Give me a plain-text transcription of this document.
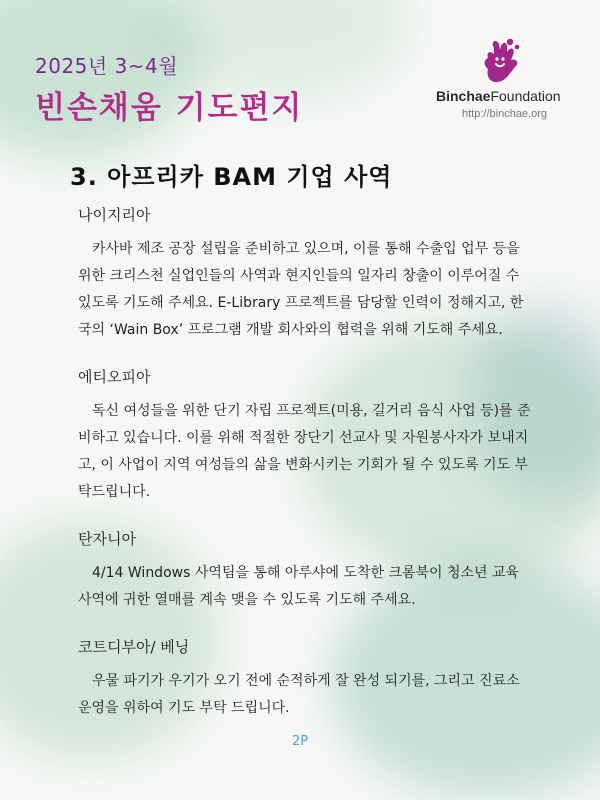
2025년 3~4월
빈손채움 기도편지	BinchaeFoundation
http://binchae.org
3. 아프리카 BAM 기업 사역
나이지리아

카사바 제조 공장 설립을 준비하고 있으며, 이를 통해 수출입 업무 등을 위한 크리스천 실업인들의 사역과 현지인들의 일자리 창출이 이루어질 수 있도록 기도해 주세요. E-Library 프로젝트를 담당할 인력이 정해지고, 한국의 ‘Wain Box’ 프로그램 개발 회사와의 협력을 위해 기도해 주세요.

에티오피아

독신 여성들을 위한 단기 자립 프로젝트(미용, 길거리 음식 사업 등)를 준비하고 있습니다. 이를 위해 적절한 장단기 선교사 및 자원봉사자가 보내지고, 이 사업이 지역 여성들의 삶을 변화시키는 기회가 될 수 있도록 기도 부탁드립니다.

탄자니아

4/14 Windows 사역팀을 통해 아루샤에 도착한 크롬북이 청소년 교육 사역에 귀한 열매를 계속 맺을 수 있도록 기도해 주세요.

코트디부아/ 베닝

우물 파기가 우기가 오기 전에 순적하게 잘 완성 되기를, 그리고 진료소 운영을 위하여 기도 부탁 드립니다.

2P
